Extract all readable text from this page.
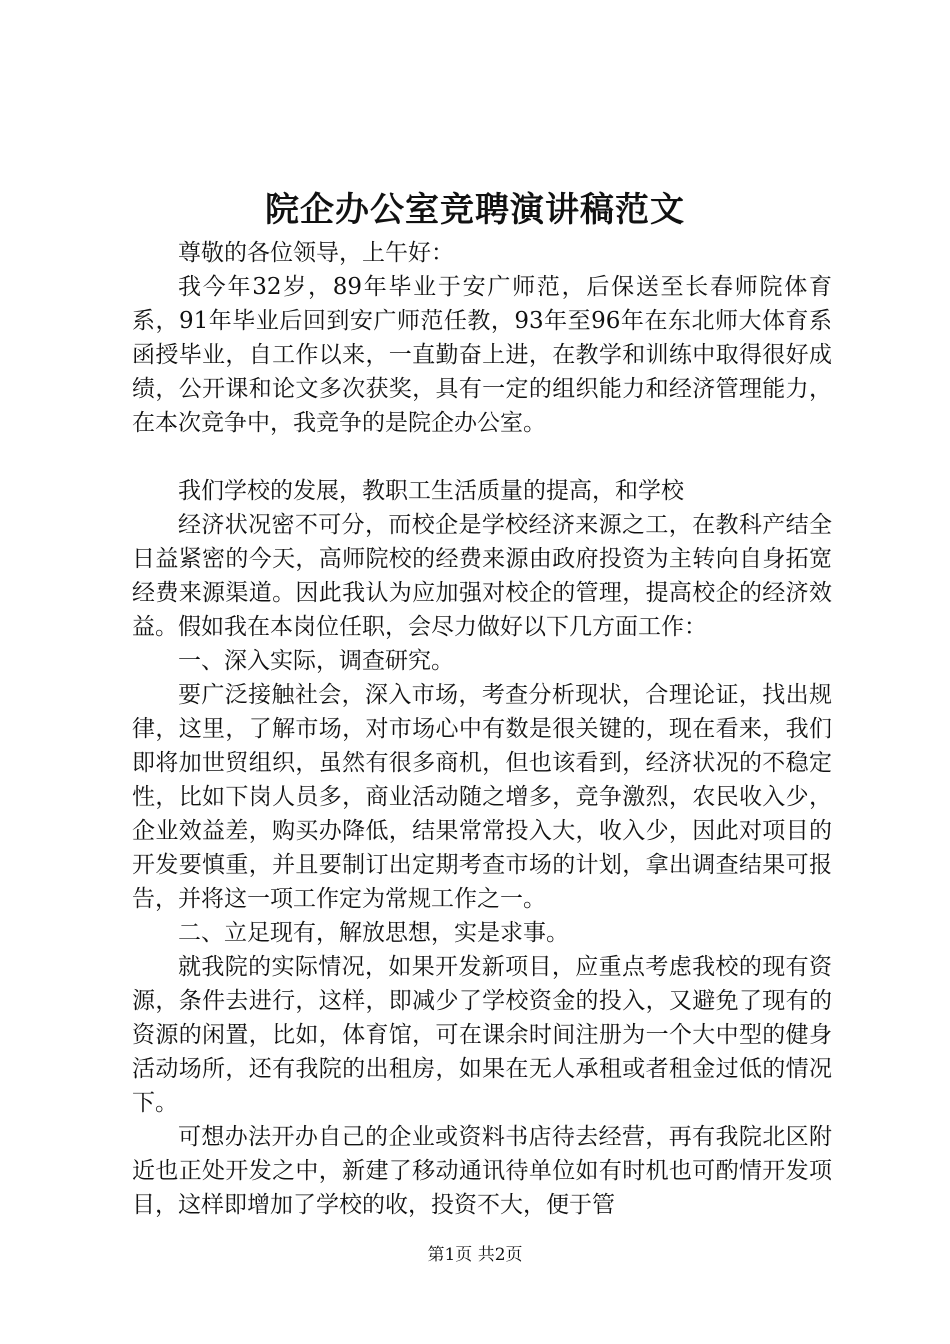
院企办公室竞聘演讲稿范文

尊敬的各位领导，上午好：

我今年32岁，89年毕业于安广师范，后保送至长春师院体育系，91年毕业后回到安广师范任教，93年至96年在东北师大体育系函授毕业，自工作以来，一直勤奋上进，在教学和训练中取得很好成绩，公开课和论文多次获奖，具有一定的组织能力和经济管理能力，在本次竞争中，我竞争的是院企办公室。

我们学校的发展，教职工生活质量的提高，和学校

经济状况密不可分，而校企是学校经济来源之工，在教科产结全日益紧密的今天，高师院校的经费来源由政府投资为主转向自身拓宽经费来源渠道。因此我认为应加强对校企的管理，提高校企的经济效益。假如我在本岗位任职，会尽力做好以下几方面工作：

一、深入实际，调查研究。

要广泛接触社会，深入市场，考查分析现状，合理论证，找出规律，这里，了解市场，对市场心中有数是很关键的，现在看来，我们即将加世贸组织，虽然有很多商机，但也该看到，经济状况的不稳定性，比如下岗人员多，商业活动随之增多，竞争激烈，农民收入少，企业效益差，购买办降低，结果常常投入大，收入少，因此对项目的开发要慎重，并且要制订出定期考查市场的计划，拿出调查结果可报告，并将这一项工作定为常规工作之一。

二、立足现有，解放思想，实是求事。

就我院的实际情况，如果开发新项目，应重点考虑我校的现有资源，条件去进行，这样，即减少了学校资金的投入，又避免了现有的资源的闲置，比如，体育馆，可在课余时间注册为一个大中型的健身活动场所，还有我院的出租房，如果在无人承租或者租金过低的情况下。

可想办法开办自己的企业或资料书店待去经营，再有我院北区附近也正处开发之中，新建了移动通讯待单位如有时机也可酌情开发项目，这样即增加了学校的收，投资不大，便于管

第1页 共2页
